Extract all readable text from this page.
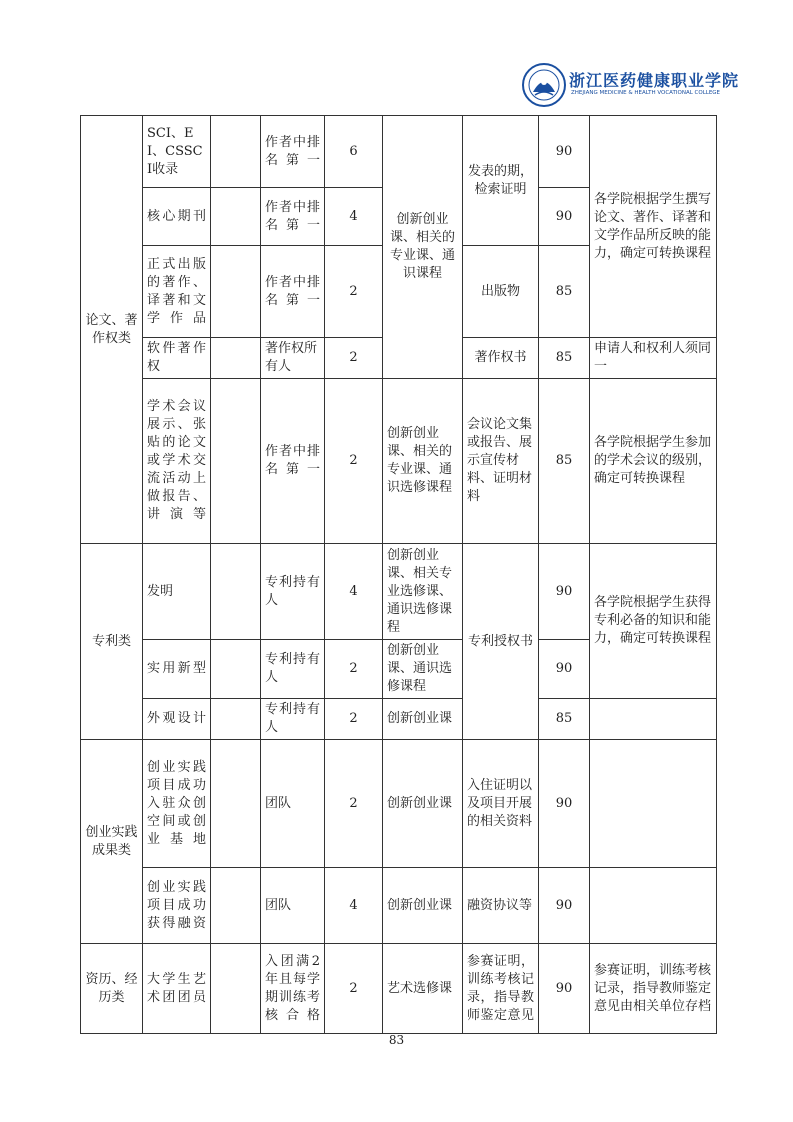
浙江医药健康职业学院
ZHEJIANG MEDICINE & HEALTH VOCATIONAL COLLEGE
论文、著作权类	SCI、EI、CSSCI收录		作者中排名第一	6	创新创业课、相关的专业课、通识课程	发表的期，检索证明	90	各学院根据学生撰写论文、著作、译著和文学作品所反映的能力，确定可转换课程
	核心期刊		作者中排名第一	4			90	
	正式出版的著作、译著和文学作品		作者中排名第一	2		出版物	85	
	软件著作权		著作权所有人	2		著作权书	85	申请人和权利人须同一
	学术会议展示、张贴的论文或学术交流活动上做报告、讲演等		作者中排名第一	2	创新创业课、相关的专业课、通识选修课程	会议论文集或报告、展示宣传材料、证明材料	85	各学院根据学生参加的学术会议的级别，确定可转换课程
专利类	发明		专利持有人	4	创新创业课、相关专业选修课、通识选修课程	专利授权书	90	各学院根据学生获得专利必备的知识和能力，确定可转换课程
	实用新型		专利持有人	2	创新创业课、通识选修课程		90	
	外观设计		专利持有人	2	创新创业课		85	
创业实践成果类	创业实践项目成功入驻众创空间或创业基地		团队	2	创新创业课	入住证明以及项目开展的相关资料	90	
	创业实践项目成功获得融资		团队	4	创新创业课	融资协议等	90	
资历、经历类	大学生艺术团团员		入团满2年且每学期训练考核合格	2	艺术选修课	参赛证明，训练考核记录，指导教师鉴定意见	90	参赛证明，训练考核记录，指导教师鉴定意见由相关单位存档
83
